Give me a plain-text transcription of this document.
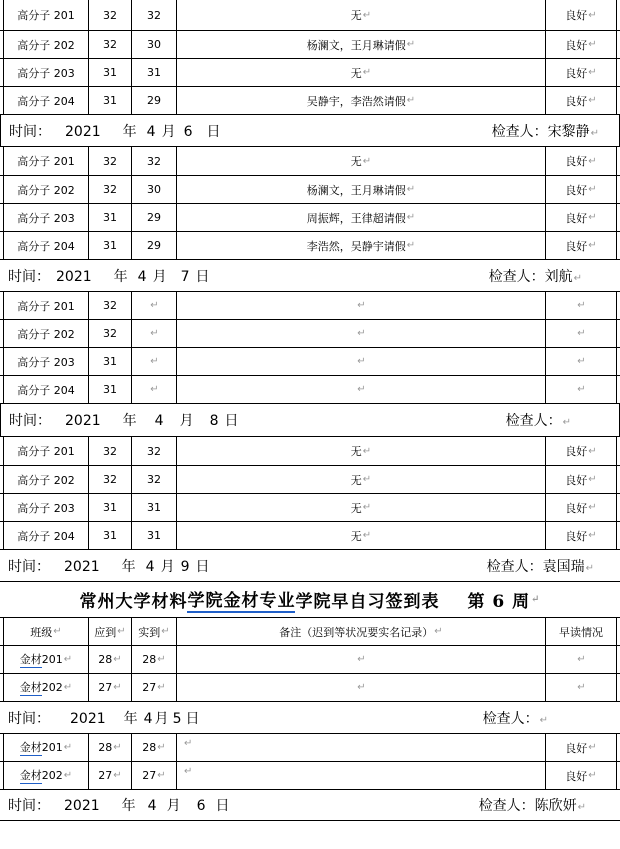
高分子 201	32	32	无 ↵	良好 ↵
高分子 202	32	30	杨澜文，王月琳请假 ↵	良好 ↵
高分子 203	31	31	无 ↵	良好 ↵
高分子 204	31	29	吴静宇，李浩然请假 ↵	良好 ↵
时间： 2021 年 4 月 6 日	检查人：宋黎静↵
高分子 201	32	32	无 ↵	良好 ↵
高分子 202	32	30	杨澜文，王月琳请假 ↵	良好 ↵
高分子 203	31	29	周振辉，王律超请假 ↵	良好 ↵
高分子 204	31	29	李浩然，吴静宇请假 ↵	良好 ↵
时间： 2021 年 4 月 7 日	检查人：刘航↵
高分子 201	32	↵	↵	↵
高分子 202	32	↵	↵	↵
高分子 203	31	↵	↵	↵
高分子 204	31	↵	↵	↵
时间： 2021 年 4 月 8 日	检查人：↵
高分子 201	32	32	无 ↵	良好 ↵
高分子 202	32	32	无 ↵	良好 ↵
高分子 203	31	31	无 ↵	良好 ↵
高分子 204	31	31	无 ↵	良好 ↵
时间： 2021 年 4 月 9 日	检查人：袁国瑞↵
常州大学材料 学院金材专业 学院早自习签到表 第 6 周 ↵
班级 ↵	应到 ↵ 实到 ↵	备注（迟到等状况要实名记录） ↵	早读情况
金材 201 ↵ 28 ↵ 28 ↵	↵	↵
金材 202 ↵ 27 ↵ 27 ↵	↵	↵
时间： 2021 年 4 月 5 日	检查人：↵
金材 201 ↵ 28 ↵ 28 ↵ ↵	良好 ↵
金材 202 ↵ 27 ↵ 27 ↵ ↵	良好 ↵
时间： 2021 年 4 月 6 日	检查人：陈欣妍↵
